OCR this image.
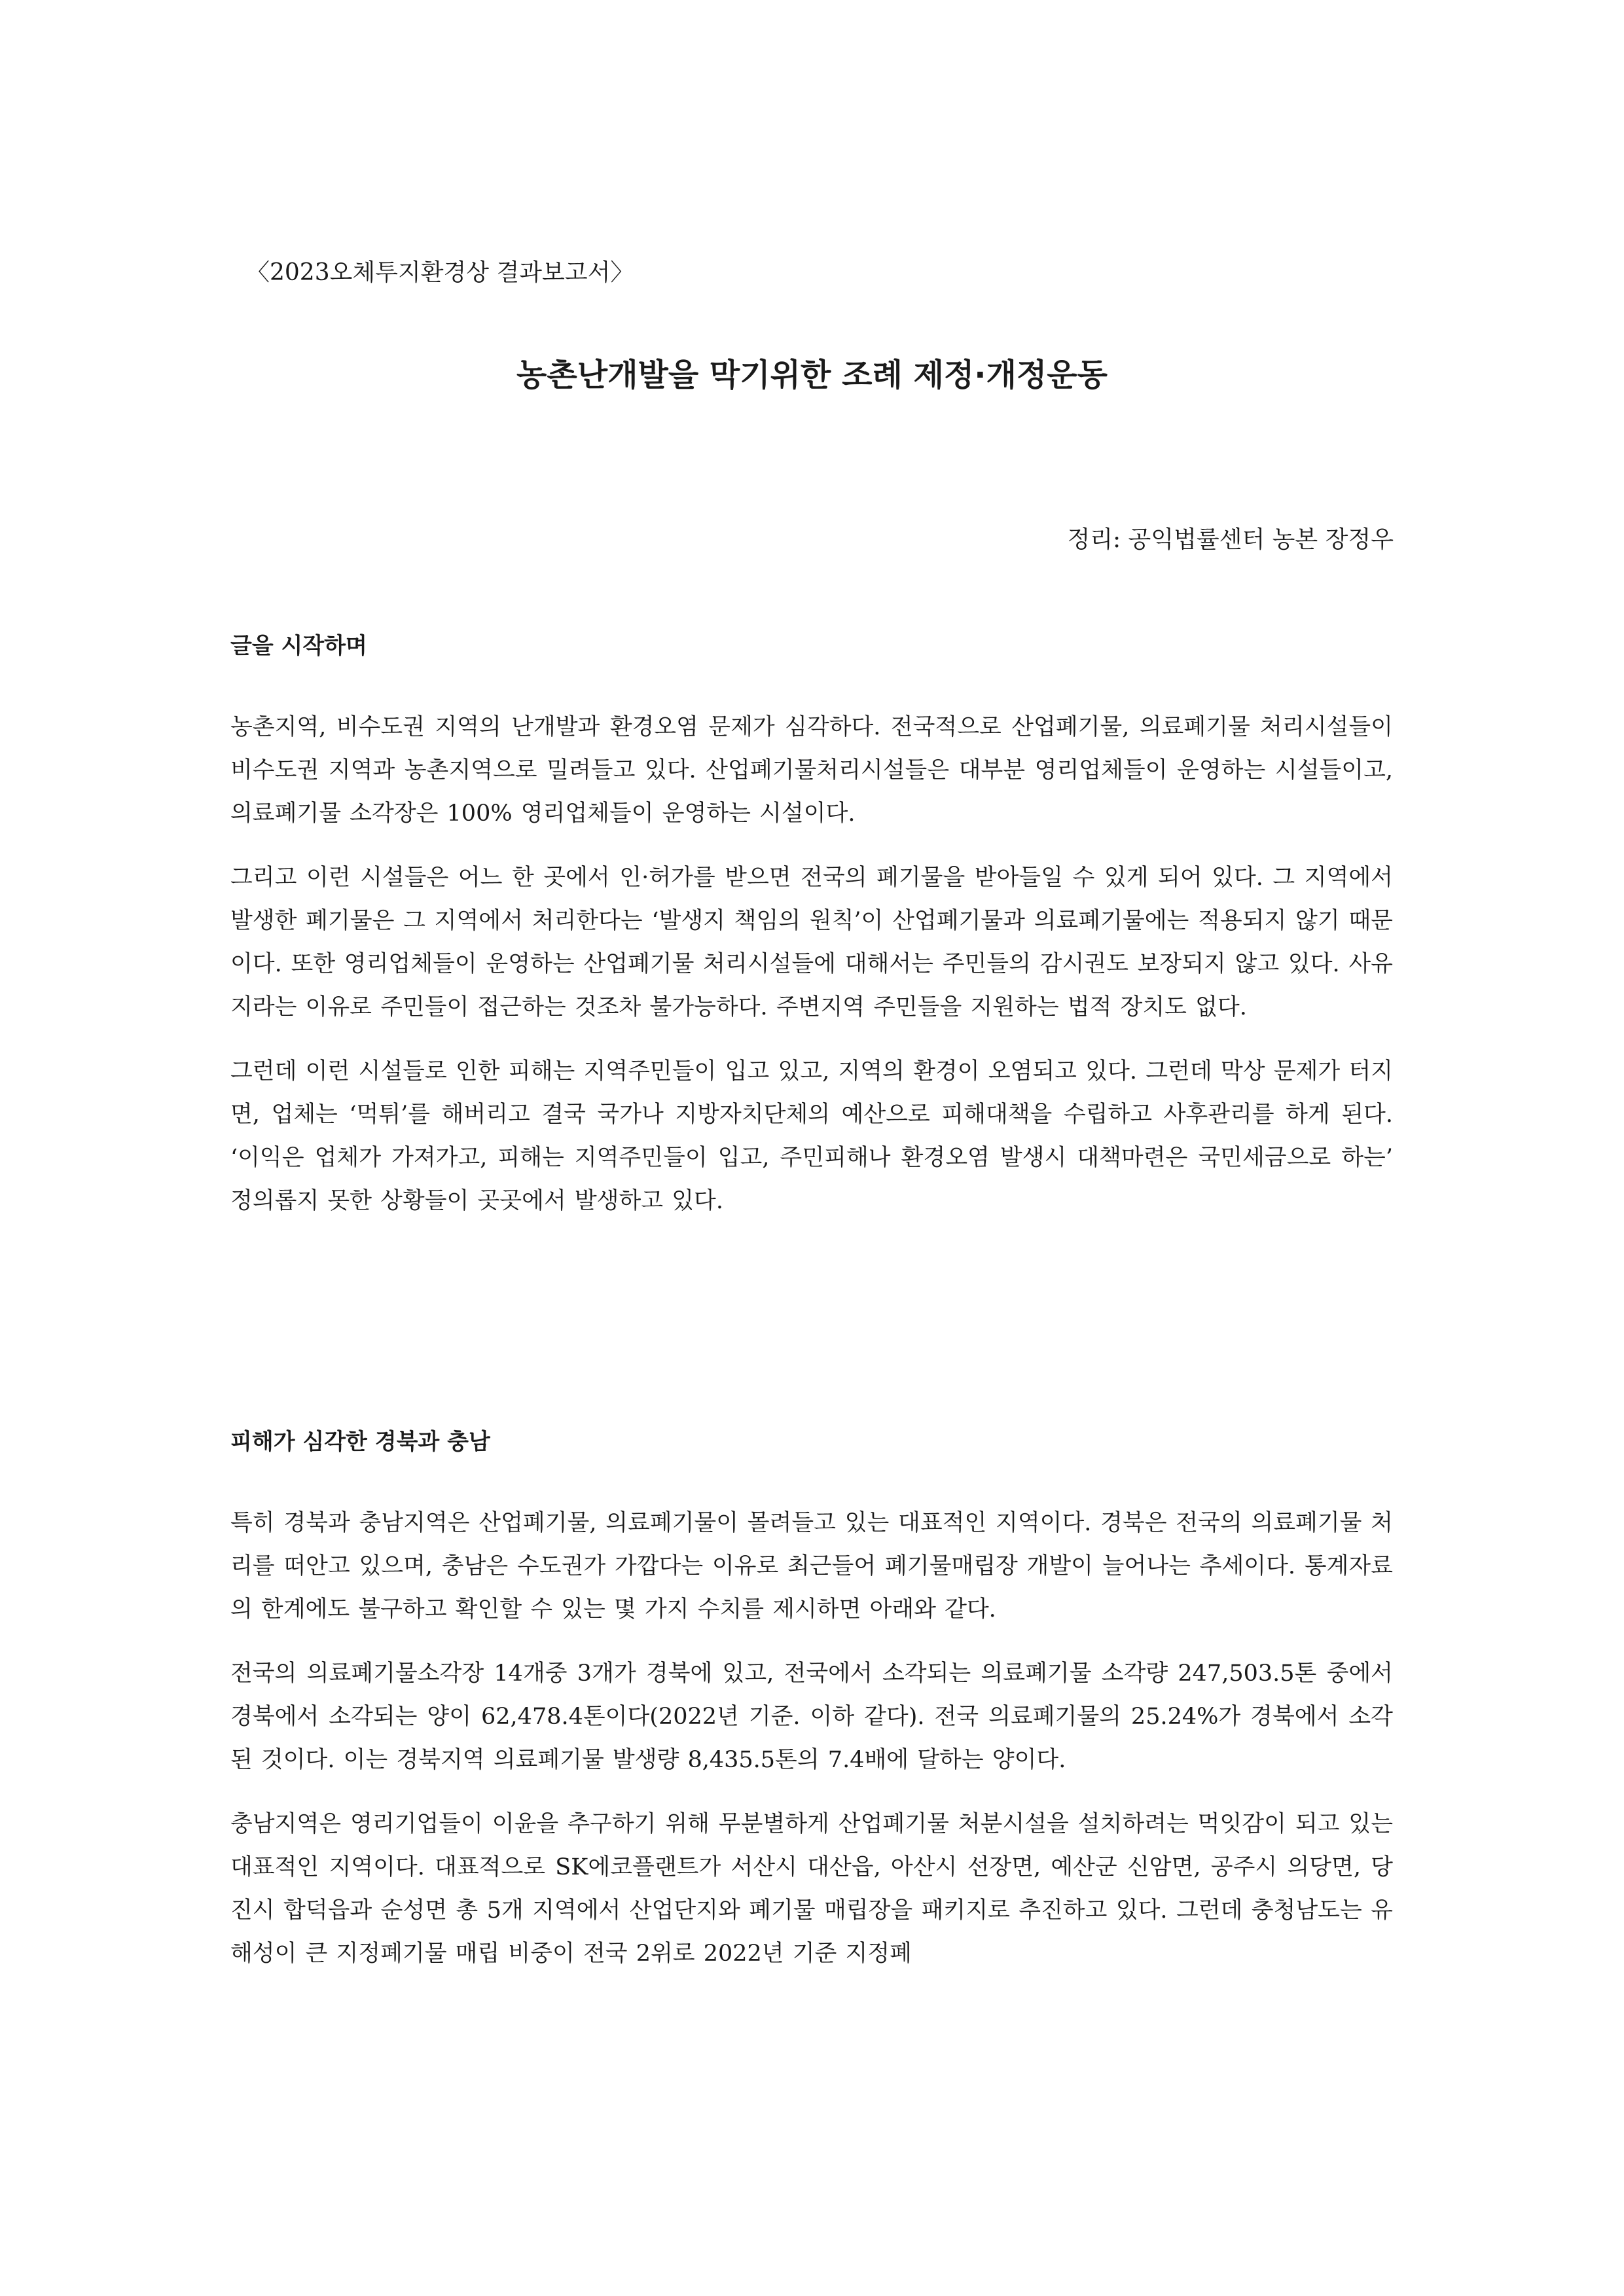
〈2023오체투지환경상 결과보고서〉
농촌난개발을 막기위한 조례 제정·개정운동
정리: 공익법률센터 농본 장정우
글을 시작하며

농촌지역, 비수도권 지역의 난개발과 환경오염 문제가 심각하다. 전국적으로 산업폐기물, 의료폐기물 처리시설들이 비수도권 지역과 농촌지역으로 밀려들고 있다. 산업폐기물처리시설들은 대부분 영리업체들이 운영하는 시설들이고, 의료폐기물 소각장은 100% 영리업체들이 운영하는 시설이다.

그리고 이런 시설들은 어느 한 곳에서 인·허가를 받으면 전국의 폐기물을 받아들일 수 있게 되어 있다. 그 지역에서 발생한 폐기물은 그 지역에서 처리한다는 ‘발생지 책임의 원칙’이 산업폐기물과 의료폐기물에는 적용되지 않기 때문이다. 또한 영리업체들이 운영하는 산업폐기물 처리시설들에 대해서는 주민들의 감시권도 보장되지 않고 있다. 사유지라는 이유로 주민들이 접근하는 것조차 불가능하다. 주변지역 주민들을 지원하는 법적 장치도 없다.

그런데 이런 시설들로 인한 피해는 지역주민들이 입고 있고, 지역의 환경이 오염되고 있다. 그런데 막상 문제가 터지면, 업체는 ‘먹튀’를 해버리고 결국 국가나 지방자치단체의 예산으로 피해대책을 수립하고 사후관리를 하게 된다. ‘이익은 업체가 가져가고, 피해는 지역주민들이 입고, 주민피해나 환경오염 발생시 대책마련은 국민세금으로 하는’ 정의롭지 못한 상황들이 곳곳에서 발생하고 있다.

피해가 심각한 경북과 충남

특히 경북과 충남지역은 산업폐기물, 의료폐기물이 몰려들고 있는 대표적인 지역이다. 경북은 전국의 의료폐기물 처리를 떠안고 있으며, 충남은 수도권가 가깝다는 이유로 최근들어 폐기물매립장 개발이 늘어나는 추세이다. 통계자료의 한계에도 불구하고 확인할 수 있는 몇 가지 수치를 제시하면 아래와 같다.

전국의 의료폐기물소각장 14개중 3개가 경북에 있고, 전국에서 소각되는 의료폐기물 소각량 247,503.5톤 중에서 경북에서 소각되는 양이 62,478.4톤이다(2022년 기준. 이하 같다). 전국 의료폐기물의 25.24%가 경북에서 소각된 것이다. 이는 경북지역 의료폐기물 발생량 8,435.5톤의 7.4배에 달하는 양이다.

충남지역은 영리기업들이 이윤을 추구하기 위해 무분별하게 산업폐기물 처분시설을 설치하려는 먹잇감이 되고 있는 대표적인 지역이다. 대표적으로 SK에코플랜트가 서산시 대산읍, 아산시 선장면, 예산군 신암면, 공주시 의당면, 당진시 합덕읍과 순성면 총 5개 지역에서 산업단지와 폐기물 매립장을 패키지로 추진하고 있다. 그런데 충청남도는 유해성이 큰 지정폐기물 매립 비중이 전국 2위로 2022년 기준 지정폐
